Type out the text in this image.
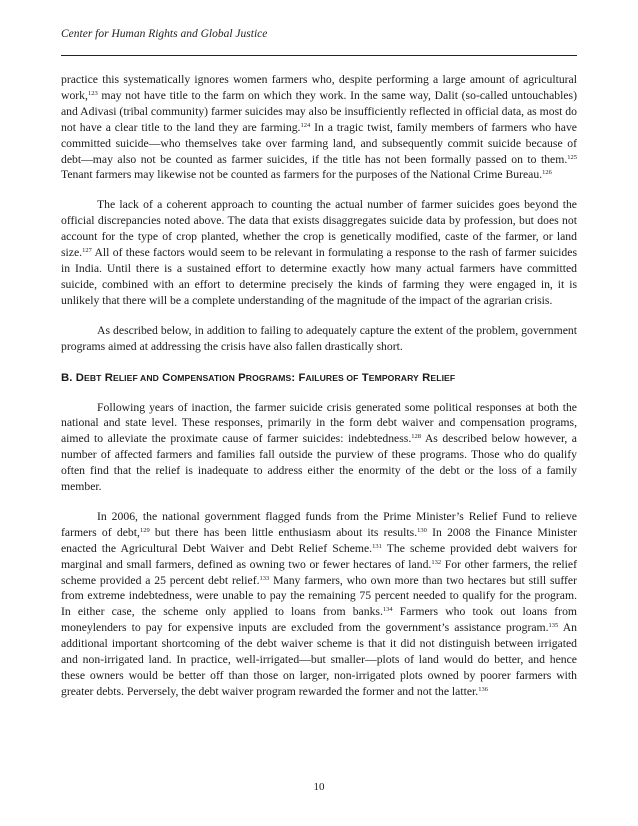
Center for Human Rights and Global Justice

practice this systematically ignores women farmers who, despite performing a large amount of agricultural work,$^{123}$ may not have title to the farm on which they work. In the same way, Dalit (so-called untouchables) and Adivasi (tribal community) farmer suicides may also be insufficiently reflected in official data, as most do not have a clear title to the land they are farming.$^{124}$ In a tragic twist, family members of farmers who have committed suicide—who themselves take over farming land, and subsequently commit suicide because of debt—may also not be counted as farmer suicides, if the title has not been formally passed on to them.$^{125}$ Tenant farmers may likewise not be counted as farmers for the purposes of the National Crime Bureau.$^{126}$

The lack of a coherent approach to counting the actual number of farmer suicides goes beyond the official discrepancies noted above. The data that exists disaggregates suicide data by profession, but does not account for the type of crop planted, whether the crop is genetically modified, caste of the farmer, or land size.$^{127}$ All of these factors would seem to be relevant in formulating a response to the rash of farmer suicides in India. Until there is a sustained effort to determine exactly how many actual farmers have committed suicide, combined with an effort to determine precisely the kinds of farming they were engaged in, it is unlikely that there will be a complete understanding of the magnitude of the impact of the agrarian crisis.

As described below, in addition to failing to adequately capture the extent of the problem, government programs aimed at addressing the crisis have also fallen drastically short.

B. DEBT RELIEF AND COMPENSATION PROGRAMS: FAILURES OF TEMPORARY RELIEF

Following years of inaction, the farmer suicide crisis generated some political responses at both the national and state level. These responses, primarily in the form debt waiver and compensation programs, aimed to alleviate the proximate cause of farmer suicides: indebtedness.$^{128}$ As described below however, a number of affected farmers and families fall outside the purview of these programs. Those who do qualify often find that the relief is inadequate to address either the enormity of the debt or the loss of a family member.

In 2006, the national government flagged funds from the Prime Minister’s Relief Fund to relieve farmers of debt,$^{129}$ but there has been little enthusiasm about its results.$^{130}$ In 2008 the Finance Minister enacted the Agricultural Debt Waiver and Debt Relief Scheme.$^{131}$ The scheme provided debt waivers for marginal and small farmers, defined as owning two or fewer hectares of land.$^{132}$ For other farmers, the relief scheme provided a 25 percent debt relief.$^{133}$ Many farmers, who own more than two hectares but still suffer from extreme indebtedness, were unable to pay the remaining 75 percent needed to qualify for the program. In either case, the scheme only applied to loans from banks.$^{134}$ Farmers who took out loans from moneylenders to pay for expensive inputs are excluded from the government’s assistance program.$^{135}$ An additional important shortcoming of the debt waiver scheme is that it did not distinguish between irrigated and non-irrigated land. In practice, well-irrigated—but smaller—plots of land would do better, and hence these owners would be better off than those on larger, non-irrigated plots owned by poorer farmers with greater debts. Perversely, the debt waiver program rewarded the former and not the latter.$^{136}$

10
